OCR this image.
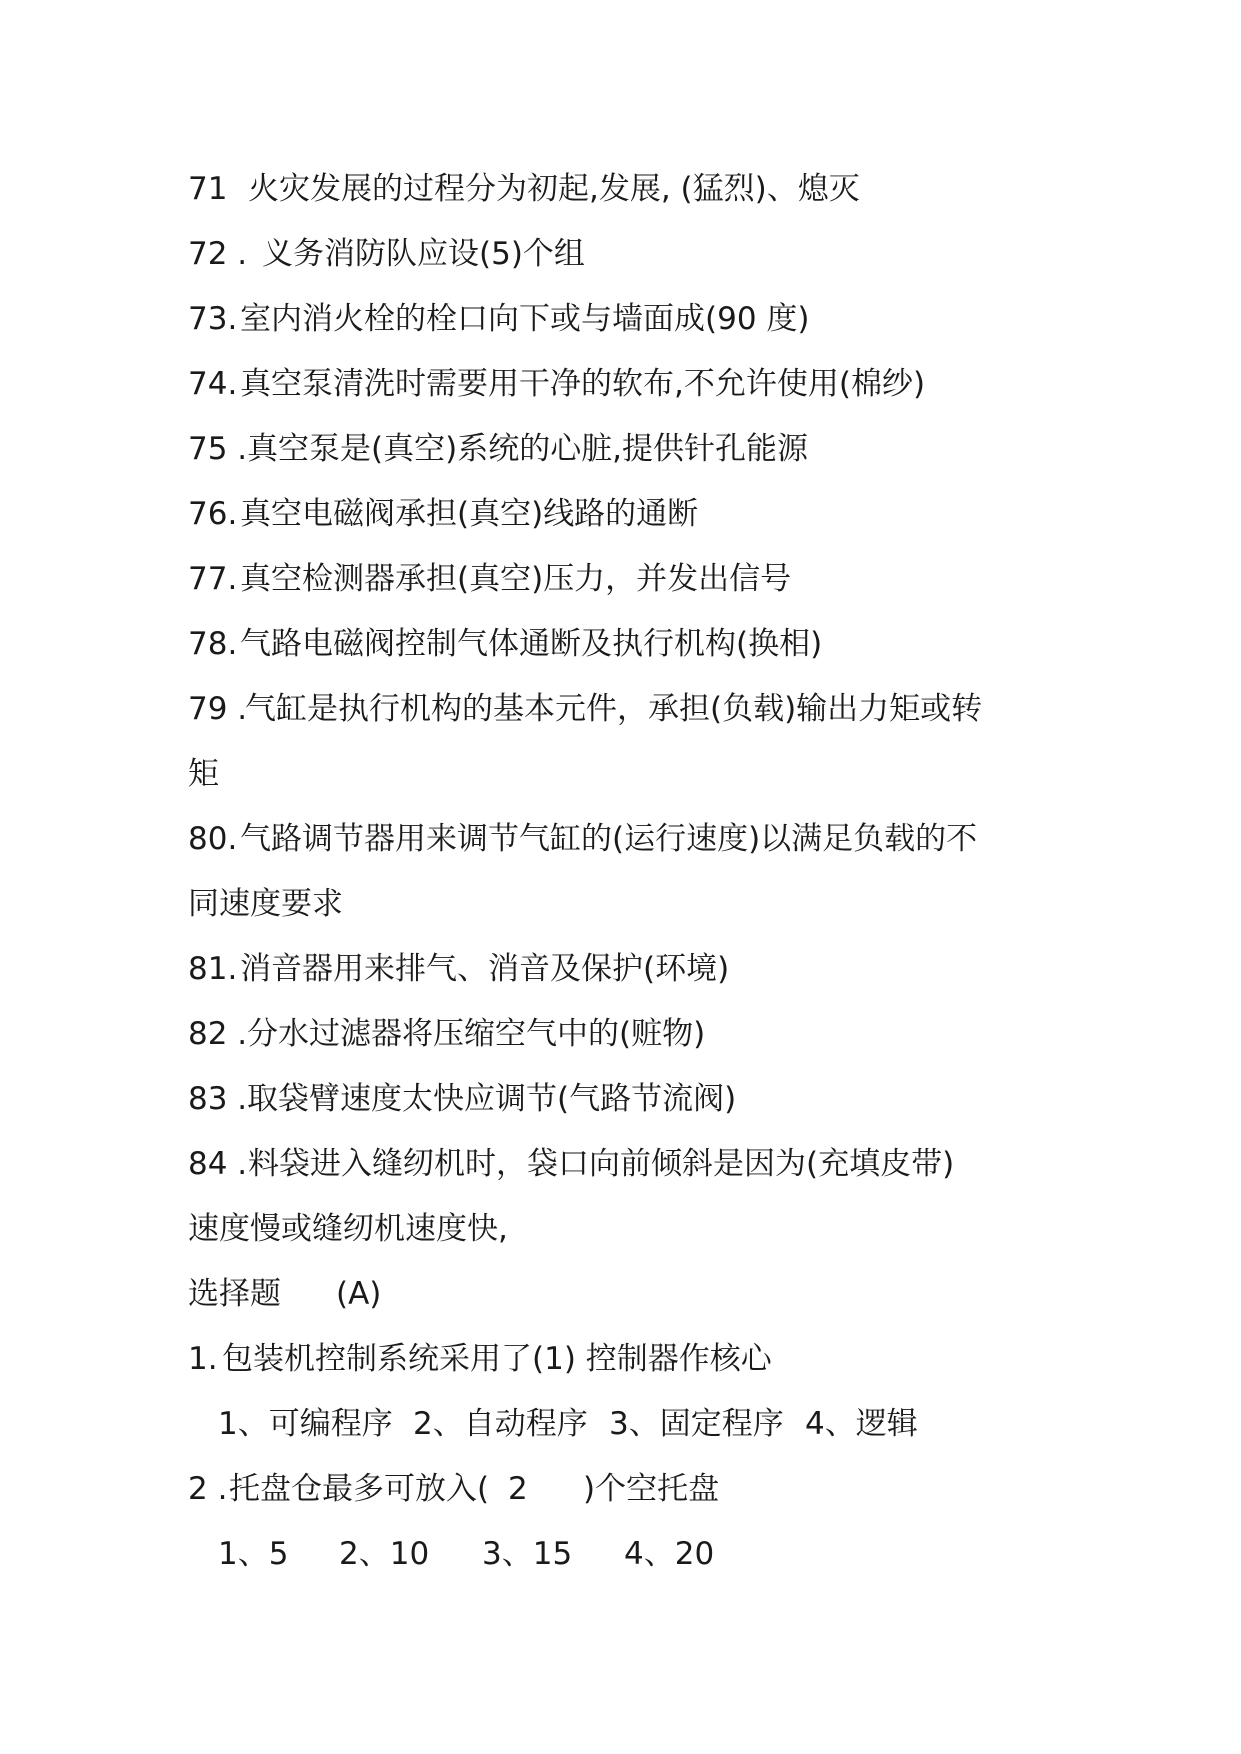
71 火灾发展的过程分为初起,发展, (猛烈)、熄灭
72 . 义务消防队应设(5)个组
73. 室内消火栓的栓口向下或与墙面成(90 度)
74. 真空泵清洗时需要用干净的软布,不允许使用(棉纱)
75 . 真空泵是(真空)系统的心脏,提供针孔能源
76. 真空电磁阀承担(真空)线路的通断
77. 真空检测器承担(真空)压力，并发出信号
78. 气路电磁阀控制气体通断及执行机构(换相)
79 .
气缸是执行机构的基本元件，承担(负载)输出力矩或转
矩
80. 气路调节器用来调节气缸的(运行速度)以满足负载的不
同速度要求
81. 消音器用来排气、消音及保护(环境)
82 . 分水过滤器将压缩空气中的(赃物)
83 . 取袋臂速度太快应调节(气路节流阀)
84 . 料袋进入缝纫机时，袋口向前倾斜是因为(充填皮带)
速度慢或缝纫机速度快,
选择题 (A)
1. 包装机控制系统采用了(1) 控制器作核心
1、可编程序 2、自动程序 3、固定程序 4、逻辑
2 . 托盘仓最多可放入( 2 )个空托盘
1、5 2、10 3、15 4、20
